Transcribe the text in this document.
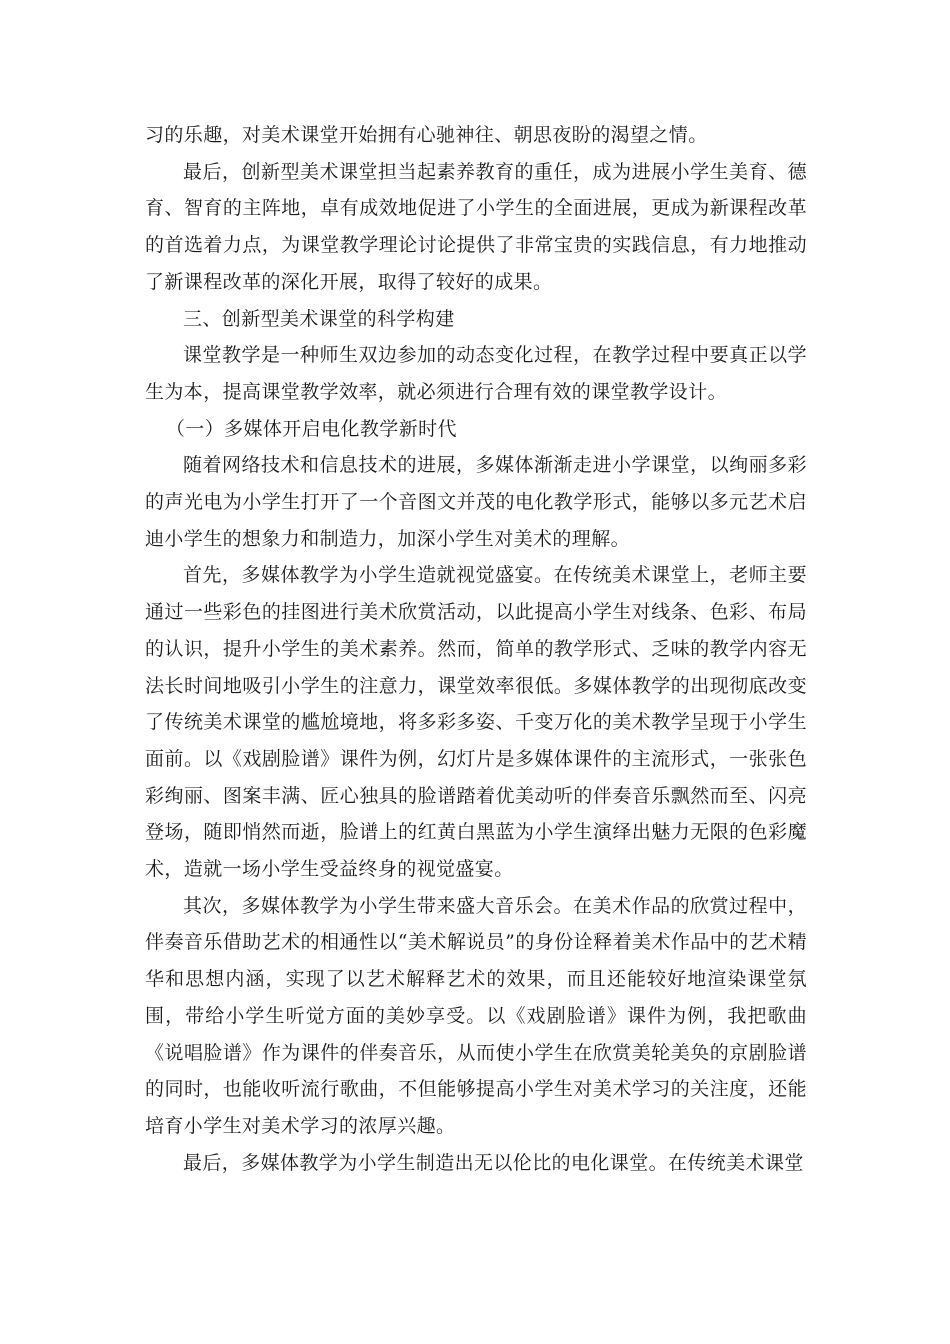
习的乐趣，对美术课堂开始拥有心驰神往、朝思夜盼的渴望之情。

最后，创新型美术课堂担当起素养教育的重任，成为进展小学生美育、德育、智育的主阵地，卓有成效地促进了小学生的全面进展，更成为新课程改革的首选着力点，为课堂教学理论讨论提供了非常宝贵的实践信息，有力地推动了新课程改革的深化开展，取得了较好的成果。

三、创新型美术课堂的科学构建

课堂教学是一种师生双边参加的动态变化过程，在教学过程中要真正以学生为本，提高课堂教学效率，就必须进行合理有效的课堂教学设计。

（一）多媒体开启电化教学新时代

随着网络技术和信息技术的进展，多媒体渐渐走进小学课堂，以绚丽多彩的声光电为小学生打开了一个音图文并茂的电化教学形式，能够以多元艺术启迪小学生的想象力和制造力，加深小学生对美术的理解。

首先，多媒体教学为小学生造就视觉盛宴。在传统美术课堂上，老师主要通过一些彩色的挂图进行美术欣赏活动，以此提高小学生对线条、色彩、布局的认识，提升小学生的美术素养。然而，简单的教学形式、乏味的教学内容无法长时间地吸引小学生的注意力，课堂效率很低。多媒体教学的出现彻底改变了传统美术课堂的尴尬境地，将多彩多姿、千变万化的美术教学呈现于小学生面前。以《戏剧脸谱》课件为例，幻灯片是多媒体课件的主流形式，一张张色彩绚丽、图案丰满、匠心独具的脸谱踏着优美动听的伴奏音乐飘然而至、闪亮登场，随即悄然而逝，脸谱上的红黄白黑蓝为小学生演绎出魅力无限的色彩魔术，造就一场小学生受益终身的视觉盛宴。

其次，多媒体教学为小学生带来盛大音乐会。在美术作品的欣赏过程中，伴奏音乐借助艺术的相通性以“美术解说员”的身份诠释着美术作品中的艺术精华和思想内涵，实现了以艺术解释艺术的效果，而且还能较好地渲染课堂氛围，带给小学生听觉方面的美妙享受。以《戏剧脸谱》课件为例，我把歌曲《说唱脸谱》作为课件的伴奏音乐，从而使小学生在欣赏美轮美奂的京剧脸谱的同时，也能收听流行歌曲，不但能够提高小学生对美术学习的关注度，还能培育小学生对美术学习的浓厚兴趣。

最后，多媒体教学为小学生制造出无以伦比的电化课堂。在传统美术课堂
